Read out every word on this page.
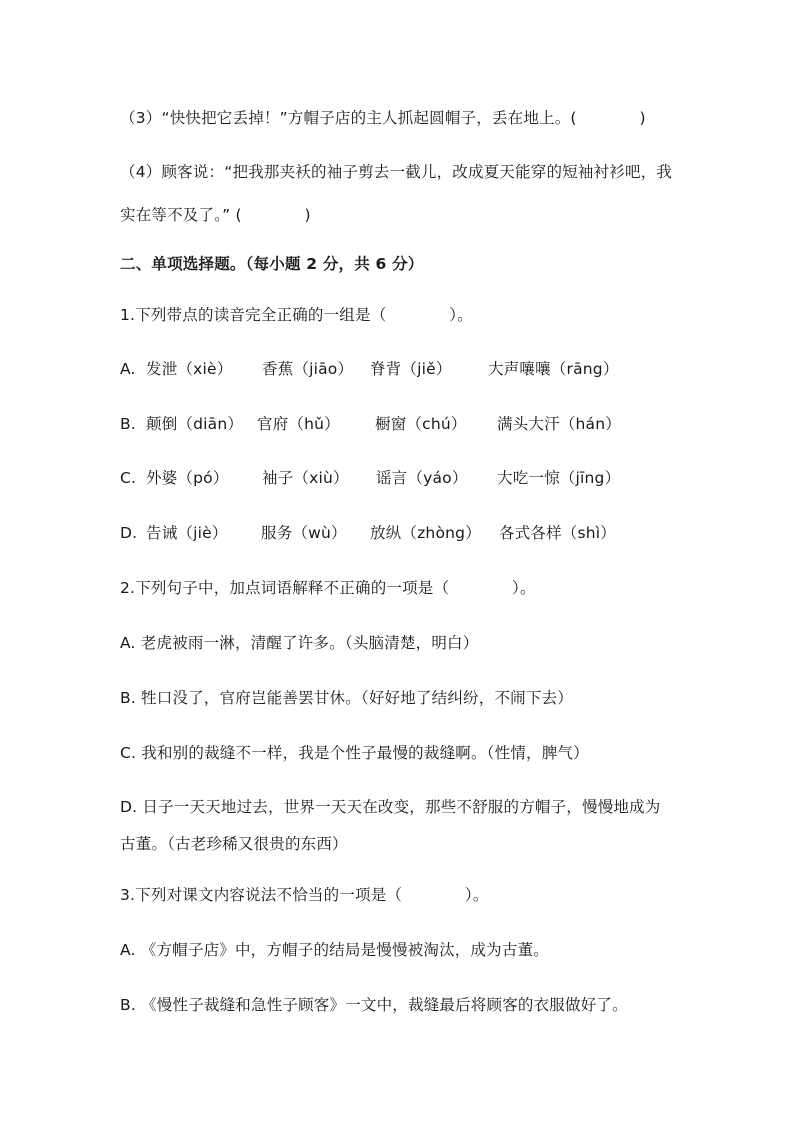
（3）“快快把它丢掉！”方帽子店的主人抓起圆帽子，丢在地上。(　　　　)
（4）顾客说：“把我那夹袄的袖子剪去一截儿，改成夏天能穿的短袖衬衫吧，我
实在等不及了。” (　　　　)
二、单项选择题。（每小题 2 分，共 6 分）
1.下列带点的读音完全正确的一组是（　　　　）。
A. 发泄（xiè） 香蕉（jiāo） 脊背（jiě） 大声嚷嚷（rāng）
B. 颠倒（diān） 官府（hǔ） 橱窗（chú） 满头大汗（hán）
C. 外婆（pó） 袖子（xiù） 谣言（yáo） 大吃一惊（jīng）
D. 告诫（jiè） 服务（wù） 放纵（zhòng） 各式各样（shì）
2.下列句子中，加点词语解释不正确的一项是（　　　　）。
A. 老虎被雨一淋，清醒了许多。（头脑清楚，明白）
B. 牲口没了，官府岂能善罢甘休。（好好地了结纠纷，不闹下去）
C. 我和别的裁缝不一样，我是个性子最慢的裁缝啊。（性情，脾气）
D. 日子一天天地过去，世界一天天在改变，那些不舒服的方帽子，慢慢地成为
古董。（古老珍稀又很贵的东西）
3.下列对课文内容说法不恰当的一项是（　　　　）。
A. 《方帽子店》中，方帽子的结局是慢慢被淘汰，成为古董。
B. 《慢性子裁缝和急性子顾客》一文中，裁缝最后将顾客的衣服做好了。
